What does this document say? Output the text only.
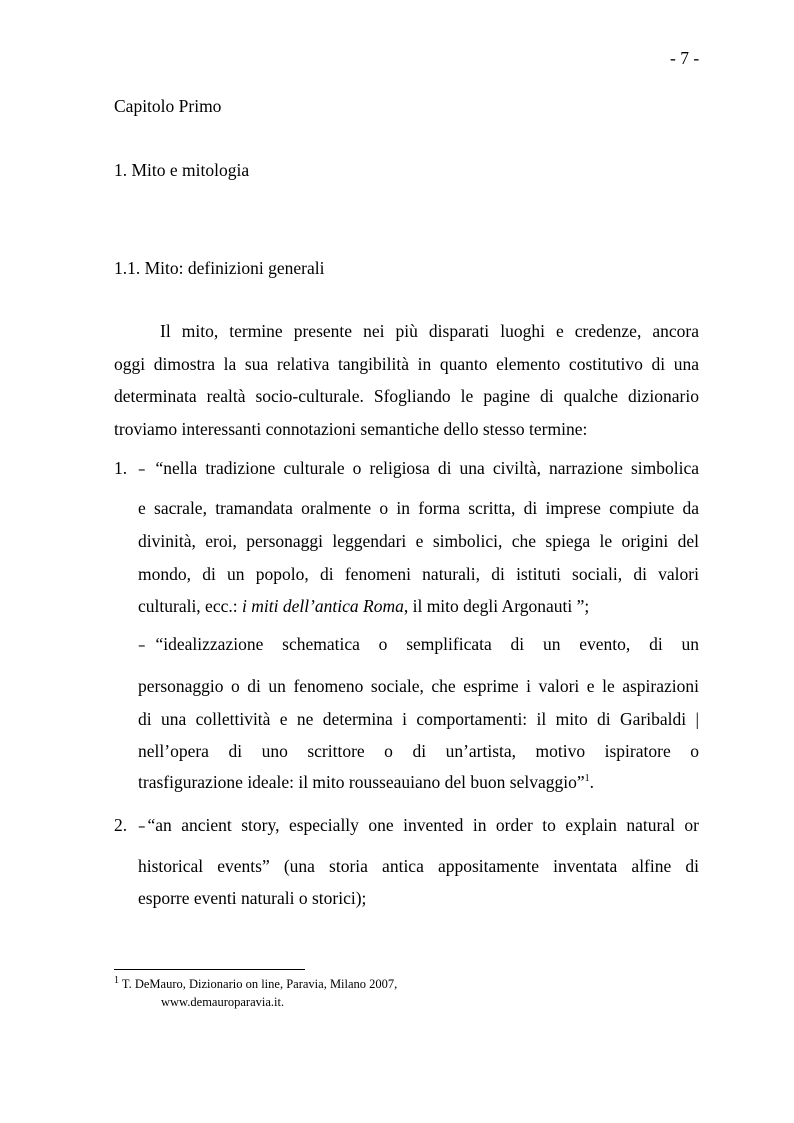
- 7 -
Capitolo Primo
1. Mito e mitologia
1.1. Mito: definizioni generali
Il mito, termine presente nei più disparati luoghi e credenze, ancora
oggi dimostra la sua relativa tangibilità in quanto elemento costitutivo di una
determinata realtà socio-culturale. Sfogliando le pagine di qualche dizionario
troviamo interessanti connotazioni semantiche dello stesso termine:
1. – “nella tradizione culturale o religiosa di una civiltà, narrazione simbolica
e sacrale, tramandata oralmente o in forma scritta, di imprese compiute da
divinità, eroi, personaggi leggendari e simbolici, che spiega le origini del
mondo, di un popolo, di fenomeni naturali, di istituti sociali, di valori
culturali, ecc.: i miti dell’antica Roma, il mito degli Argonauti ”;
– “idealizzazione schematica o semplificata di un evento, di un
personaggio o di un fenomeno sociale, che esprime i valori e le aspirazioni
di una collettività e ne determina i comportamenti: il mito di Garibaldi |
nell’opera di uno scrittore o di un’artista, motivo ispiratore o
trasfigurazione ideale: il mito rousseauiano del buon selvaggio”$^1$.
2. – “an ancient story, especially one invented in order to explain natural or
historical events” (una storia antica appositamente inventata alfine di
esporre eventi naturali o storici);
$^1$ T. DeMauro, Dizionario on line, Paravia, Milano 2007,
www.demauroparavia.it.
